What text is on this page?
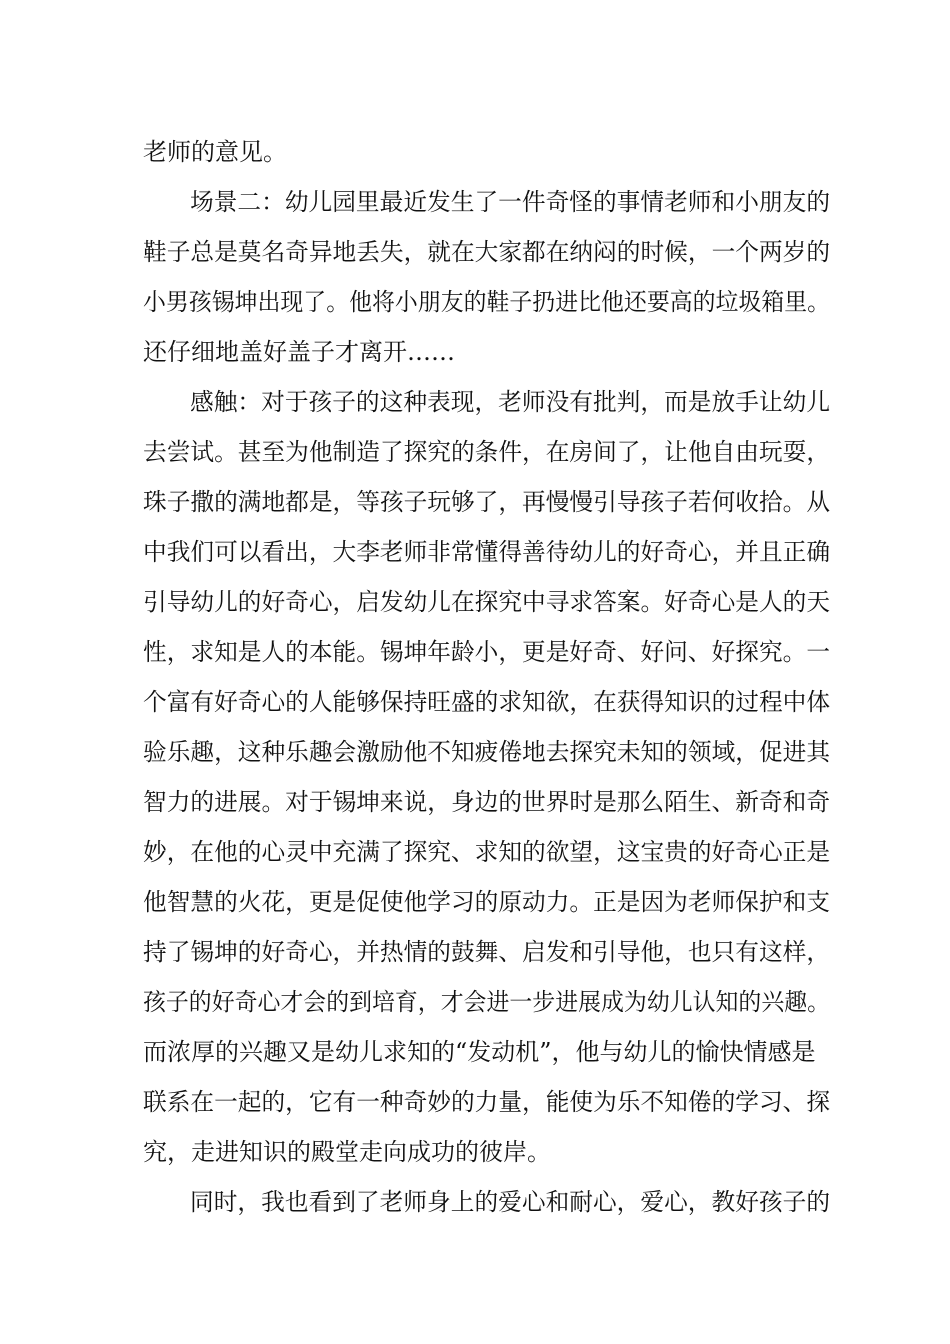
老师的意见。
场景二：幼儿园里最近发生了一件奇怪的事情老师和小朋友的
鞋子总是莫名奇异地丢失，就在大家都在纳闷的时候，一个两岁的
小男孩锡坤出现了。他将小朋友的鞋子扔进比他还要高的垃圾箱里。
还仔细地盖好盖子才离开……
感触：对于孩子的这种表现，老师没有批判，而是放手让幼儿
去尝试。甚至为他制造了探究的条件，在房间了，让他自由玩耍，
珠子撒的满地都是，等孩子玩够了，再慢慢引导孩子若何收拾。从
中我们可以看出，大李老师非常懂得善待幼儿的好奇心，并且正确
引导幼儿的好奇心，启发幼儿在探究中寻求答案。好奇心是人的天
性，求知是人的本能。锡坤年龄小，更是好奇、好问、好探究。一
个富有好奇心的人能够保持旺盛的求知欲，在获得知识的过程中体
验乐趣，这种乐趣会激励他不知疲倦地去探究未知的领域，促进其
智力的进展。对于锡坤来说，身边的世界时是那么陌生、新奇和奇
妙，在他的心灵中充满了探究、求知的欲望，这宝贵的好奇心正是
他智慧的火花，更是促使他学习的原动力。正是因为老师保护和支
持了锡坤的好奇心，并热情的鼓舞、启发和引导他，也只有这样，
孩子的好奇心才会的到培育，才会进一步进展成为幼儿认知的兴趣。
而浓厚的兴趣又是幼儿求知的“发动机”，他与幼儿的愉快情感是
联系在一起的，它有一种奇妙的力量，能使为乐不知倦的学习、探
究，走进知识的殿堂走向成功的彼岸。
同时，我也看到了老师身上的爱心和耐心，爱心，教好孩子的
